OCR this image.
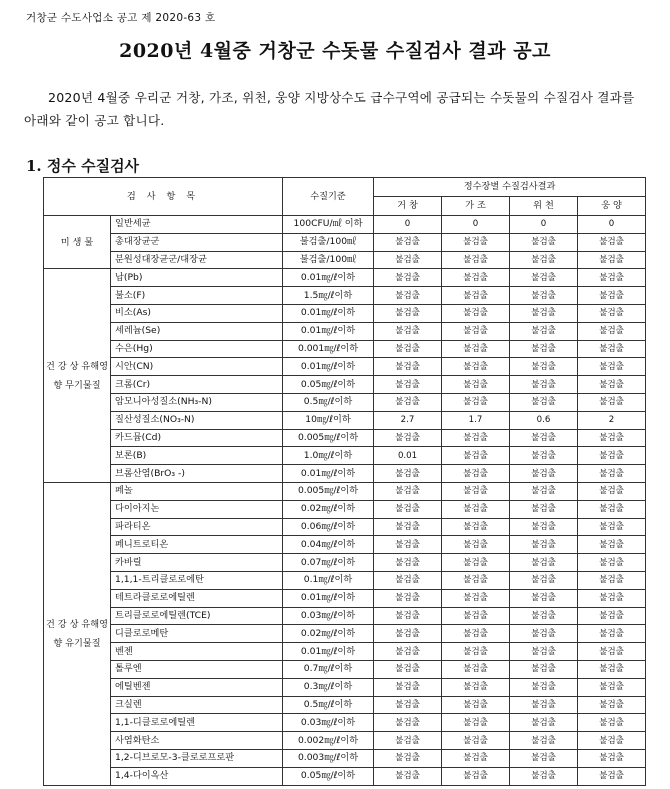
거창군 수도사업소 공고 제 2020-63 호
2020년 4월중 거창군 수돗물 수질검사 결과 공고
2020년 4월중 우리군 거창, 가조, 위천, 웅양 지방상수도 급수구역에 공급되는 수돗물의 수질검사 결과를 아래와 같이 공고 합니다.
1. 정수 수질검사
검 사 항 목		수질기준	정수장별 수질검사결과			
			거 창	가 조	위 천	웅 양
미 생 물	일반세균	100CFU/㎖ 이하	0	0	0	0
	총대장균군	불검출/100㎖	불검출	불검출	불검출	불검출
	분원성대장균군/대장균	불검출/100㎖	불검출	불검출	불검출	불검출
건 강 상 유해영향 무기물질	납(Pb)	0.01㎎/ℓ이하	불검출	불검출	불검출	불검출
	불소(F)	1.5㎎/ℓ이하	불검출	불검출	불검출	불검출
	비소(As)	0.01㎎/ℓ이하	불검출	불검출	불검출	불검출
	세레늄(Se)	0.01㎎/ℓ이하	불검출	불검출	불검출	불검출
	수은(Hg)	0.001㎎/ℓ이하	불검출	불검출	불검출	불검출
	시안(CN)	0.01㎎/ℓ이하	불검출	불검출	불검출	불검출
	크롬(Cr)	0.05㎎/ℓ이하	불검출	불검출	불검출	불검출
	암모니아성질소(NH₃-N)	0.5㎎/ℓ이하	불검출	불검출	불검출	불검출
	질산성질소(NO₃-N)	10㎎/ℓ이하	2.7	1.7	0.6	2
	카드뮴(Cd)	0.005㎎/ℓ이하	불검출	불검출	불검출	불검출
	보론(B)	1.0㎎/ℓ이하	0.01	불검출	불검출	불검출
	브롬산염(BrO₃ -)	0.01㎎/ℓ이하	불검출	불검출	불검출	불검출
건 강 상 유해영향 유기물질	페놀	0.005㎎/ℓ이하	불검출	불검출	불검출	불검출
	다이아지논	0.02㎎/ℓ이하	불검출	불검출	불검출	불검출
	파라티온	0.06㎎/ℓ이하	불검출	불검출	불검출	불검출
	페니트로티온	0.04㎎/ℓ이하	불검출	불검출	불검출	불검출
	카바릴	0.07㎎/ℓ이하	불검출	불검출	불검출	불검출
	1,1,1-트리클로로에탄	0.1㎎/ℓ이하	불검출	불검출	불검출	불검출
	테트라클로로에틸렌	0.01㎎/ℓ이하	불검출	불검출	불검출	불검출
	트리클로로에틸렌(TCE)	0.03㎎/ℓ이하	불검출	불검출	불검출	불검출
	디클로로메탄	0.02㎎/ℓ이하	불검출	불검출	불검출	불검출
	벤젠	0.01㎎/ℓ이하	불검출	불검출	불검출	불검출
	톨루엔	0.7㎎/ℓ이하	불검출	불검출	불검출	불검출
	에틸벤젠	0.3㎎/ℓ이하	불검출	불검출	불검출	불검출
	크실렌	0.5㎎/ℓ이하	불검출	불검출	불검출	불검출
	1,1-디클로로에틸렌	0.03㎎/ℓ이하	불검출	불검출	불검출	불검출
	사염화탄소	0.002㎎/ℓ이하	불검출	불검출	불검출	불검출
	1,2-디브로모-3-클로로프로판	0.003㎎/ℓ이하	불검출	불검출	불검출	불검출
	1,4-다이옥산	0.05㎎/ℓ이하	불검출	불검출	불검출	불검출
